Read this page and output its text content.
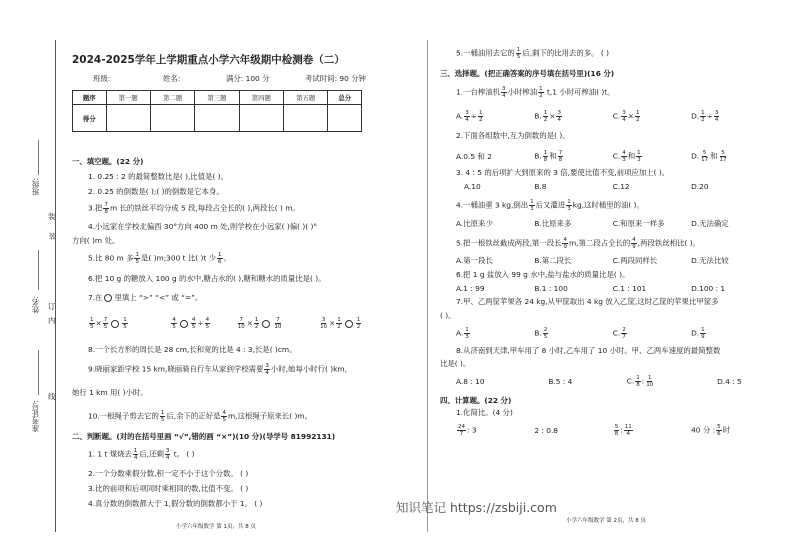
装
装
订
线
内
班级:
姓名:
准考证号:
2024-2025学年上学期重点小学六年级期中检测卷（二）
班级:	姓名:	满分: 100 分	考试时间: 90 分钟
题序	第一题	第二题	第三题	第四题	第五题	总分
得分						
一、填空题。(22 分)
1. 0.25 : 2 的最简整数比是( ),比值是( )。
2. 0.25 的倒数是( );( )的倒数是它本身。
3.把 $\frac{7}{8}$ m 长的铁丝平均分成 5 段,每段占全长的( ),两段长( ) m。
4.小远家在学校北偏西 30°方向 400 m 处,则学校在小远家( )偏( )( )°
方向( )m 处。
5.比 80 m 多 $\frac{1}{5}$ 是( )m;300 t 比( )t 少 $\frac{1}{6}$ 。
6.把 10 g 的糖放入 100 g 的水中,糖占水的( ),糖和糖水的质量比是( )。
7.在 里填上 “>” “<” 或 “=”。
$\frac{1}{5} \times \frac{7}{5}$	$\frac{1}{5}$
	$\frac{4}{5}$	$\frac{4}{5} \div \frac{4}{5}$
	$\frac{7}{10} \times \frac{1}{2}$	$\frac{7}{10}$
	$\frac{3}{10} \times \frac{1}{2}$	$\frac{1}{2}$
8.一个长方形的周长是 28 cm,长和宽的比是 4 : 3,长是( )cm。
9.晓丽家距学校 15 km,晓丽骑自行车从家到学校需要 $\frac{3}{4}$ 小时,她每小时行( )km,
她行 1 km 用( )小时。
10.一根绳子剪去它的 $\frac{1}{5}$ 后,余下的正好是 $\frac{4}{5} m$,这根绳子原来长( )m。
二、判断题。(对的在括号里画 “√”,错的画 “×”)(10 分)(导学号 81992131)
1. 1 t 煤烧去 $\frac{1}{4}$ 后,还剩 $\frac{3}{4}$ t。 ( )
2.一个分数乘假分数,积一定不小于这个分数。 ( )
3.比的前项和后项同时乘相同的数,比值不变。 ( )
4.真分数的倒数都大于 1,假分数的倒数都小于 1。 ( )
小学六年级数学 第 1页，共 8 页
5.一桶油用去它的 $\frac{1}{5}$ 后,剩下的比用去的多。 ( )
三、选择题。(把正确答案的序号填在括号里)(16 分)
1.一台榨油机 $\frac{3}{4}$ 小时榨油 $\frac{1}{2} t,1$ 小时可榨油( )t。
A. $\frac{3}{4} \div \frac{1}{2}$	B. $\frac{1}{2} \times \frac{3}{4}$	C. $\frac{3}{4} \times \frac{1}{2}$	D. $\frac{1}{2} \div \frac{3}{4}$
2.下面各组数中,互为倒数的是( )。
A.0.5 和 2	B. $\frac{1}{8}$ 和 $\frac{7}{8}$	C. $\frac{4}{3}$ 和 $\frac{1}{3}$	D. $\frac{5}{17}$ 和 $\frac{5}{17}$
3. 4 : 5 的后项扩大到原来的 3 倍,要使比值不变,前项应加上( )。
A.10	B.8	C.12	D.20
4.一桶油重 3 kg,倒出 $\frac{1}{3}$ 后又灌进 $\frac{1}{3}$ kg,这时桶里的油( )。
A.比原来少	B.比原来多	C.和原来一样多	D.无法确定
5.把一根铁丝截成两段,第一段长 $\frac{4}{9} m$,第二段占全长的 $\frac{4}{9}$ ,两段铁丝相比( )。
A.第一段长	B.第二段长	C.两段同样长	D.无法比较
6.把 1 g 盐放入 99 g 水中,盐与盐水的质量比是( )。
A.1 : 99	B.1 : 100	C.1 : 101	D.100 : 1
7.甲、乙两筐苹果各 24 kg,从甲筐取出 4 kg 放入乙筐,这时乙筐的苹果比甲筐多
( )。
A. $\frac{1}{3}$	B. $\frac{2}{5}$	C. $\frac{2}{7}$	D. $\frac{1}{9}$
8.从济南到天津,甲车用了 8 小时,乙车用了 10 小时。甲、乙两车速度的最简整数
比是( )。
A.8 : 10	B.5 : 4	C. $\frac{1}{8}$ : $\frac{1}{10}$	D.4 : 5
四、计算题。(22 分)
1.化简比。(4 分)
$\frac{24}{7}$ : 3	2 : 0.8	$\frac{5}{8}$ : $\frac{11}{4}$	40 分 : $\frac{5}{6}$ 时
小学六年级数学 第 2页，共 8 页
知识笔记 https://zsbiji.com
